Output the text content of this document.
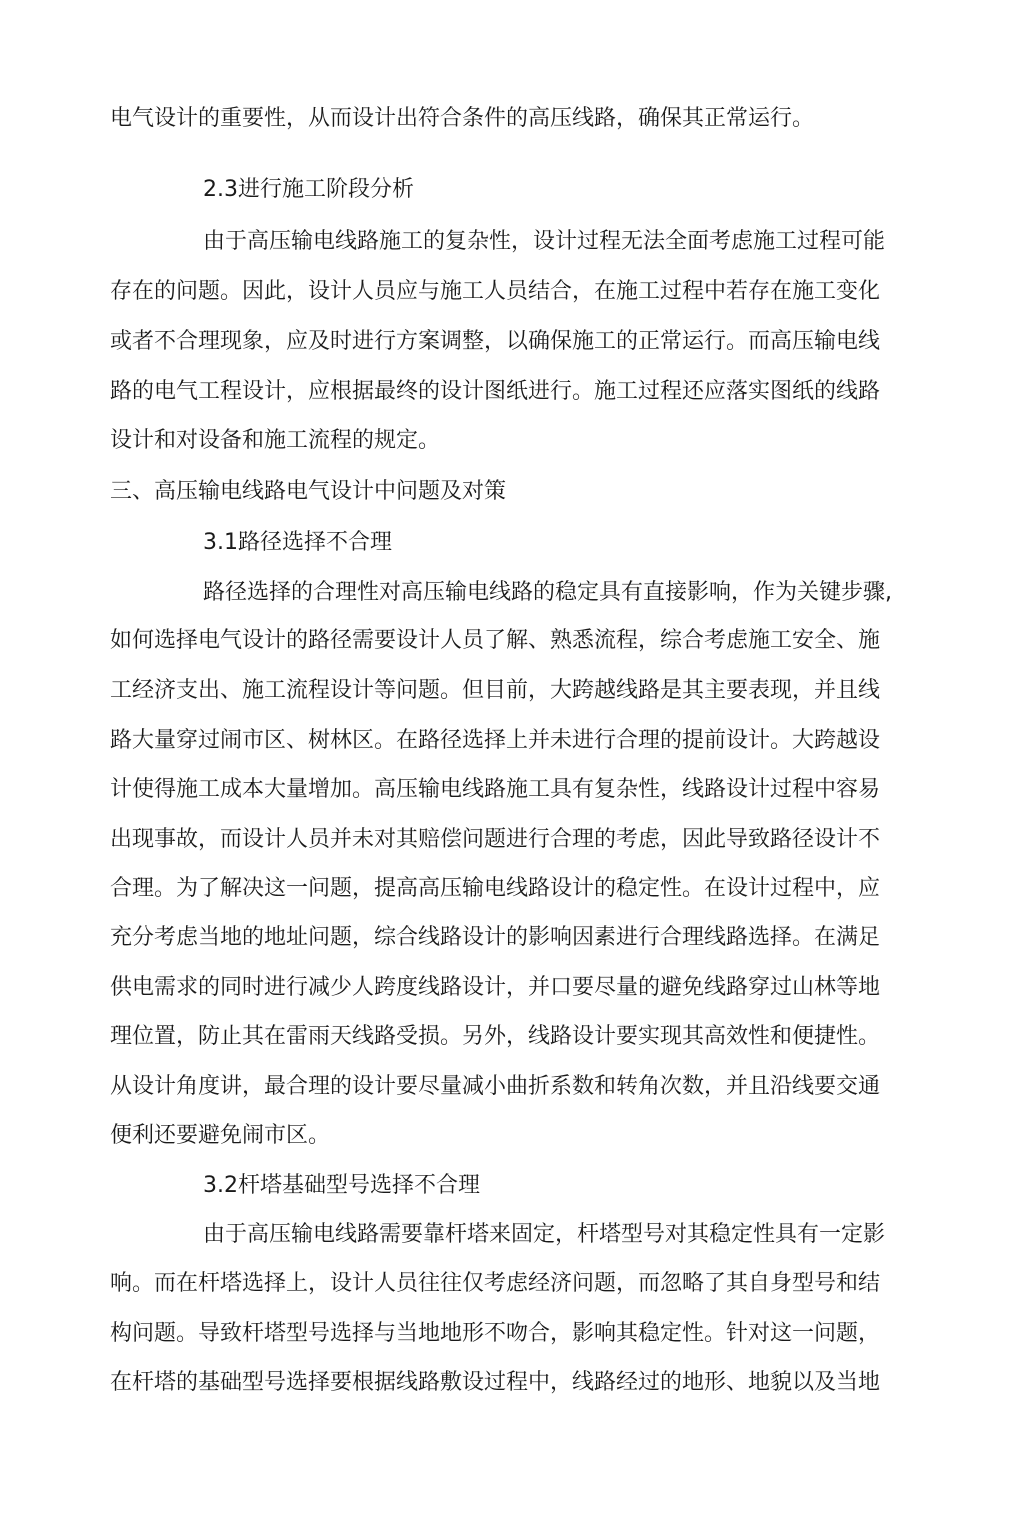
电气设计的重要性，从而设计出符合条件的高压线路，确保其正常运行。
2.3进行施工阶段分析
由于高压输电线路施工的复杂性，设计过程无法全面考虑施工过程可能
存在的问题。因此，设计人员应与施工人员结合，在施工过程中若存在施工变化
或者不合理现象，应及时进行方案调整，以确保施工的正常运行。而高压输电线
路的电气工程设计，应根据最终的设计图纸进行。施工过程还应落实图纸的线路
设计和对设备和施工流程的规定。
三、高压输电线路电气设计中问题及对策
3.1路径选择不合理
路径选择的合理性对高压输电线路的稳定具有直接影响，作为关键步骤,
如何选择电气设计的路径需要设计人员了解、熟悉流程，综合考虑施工安全、施
工经济支出、施工流程设计等问题。但目前，大跨越线路是其主要表现，并且线
路大量穿过闹市区、树林区。在路径选择上并未进行合理的提前设计。大跨越设
计使得施工成本大量增加。高压输电线路施工具有复杂性，线路设计过程中容易
出现事故，而设计人员并未对其赔偿问题进行合理的考虑，因此导致路径设计不
合理。为了解决这一问题，提高高压输电线路设计的稳定性。在设计过程中，应
充分考虑当地的地址问题，综合线路设计的影响因素进行合理线路选择。在满足
供电需求的同时进行减少人跨度线路设计，并口要尽量的避免线路穿过山林等地
理位置，防止其在雷雨天线路受损。另外，线路设计要实现其高效性和便捷性。
从设计角度讲，最合理的设计要尽量减小曲折系数和转角次数，并且沿线要交通
便利还要避免闹市区。
3.2杆塔基础型号选择不合理
由于高压输电线路需要靠杆塔来固定，杆塔型号对其稳定性具有一定影
响。而在杆塔选择上，设计人员往往仅考虑经济问题，而忽略了其自身型号和结
构问题。导致杆塔型号选择与当地地形不吻合，影响其稳定性。针对这一问题，
在杆塔的基础型号选择要根据线路敷设过程中，线路经过的地形、地貌以及当地
